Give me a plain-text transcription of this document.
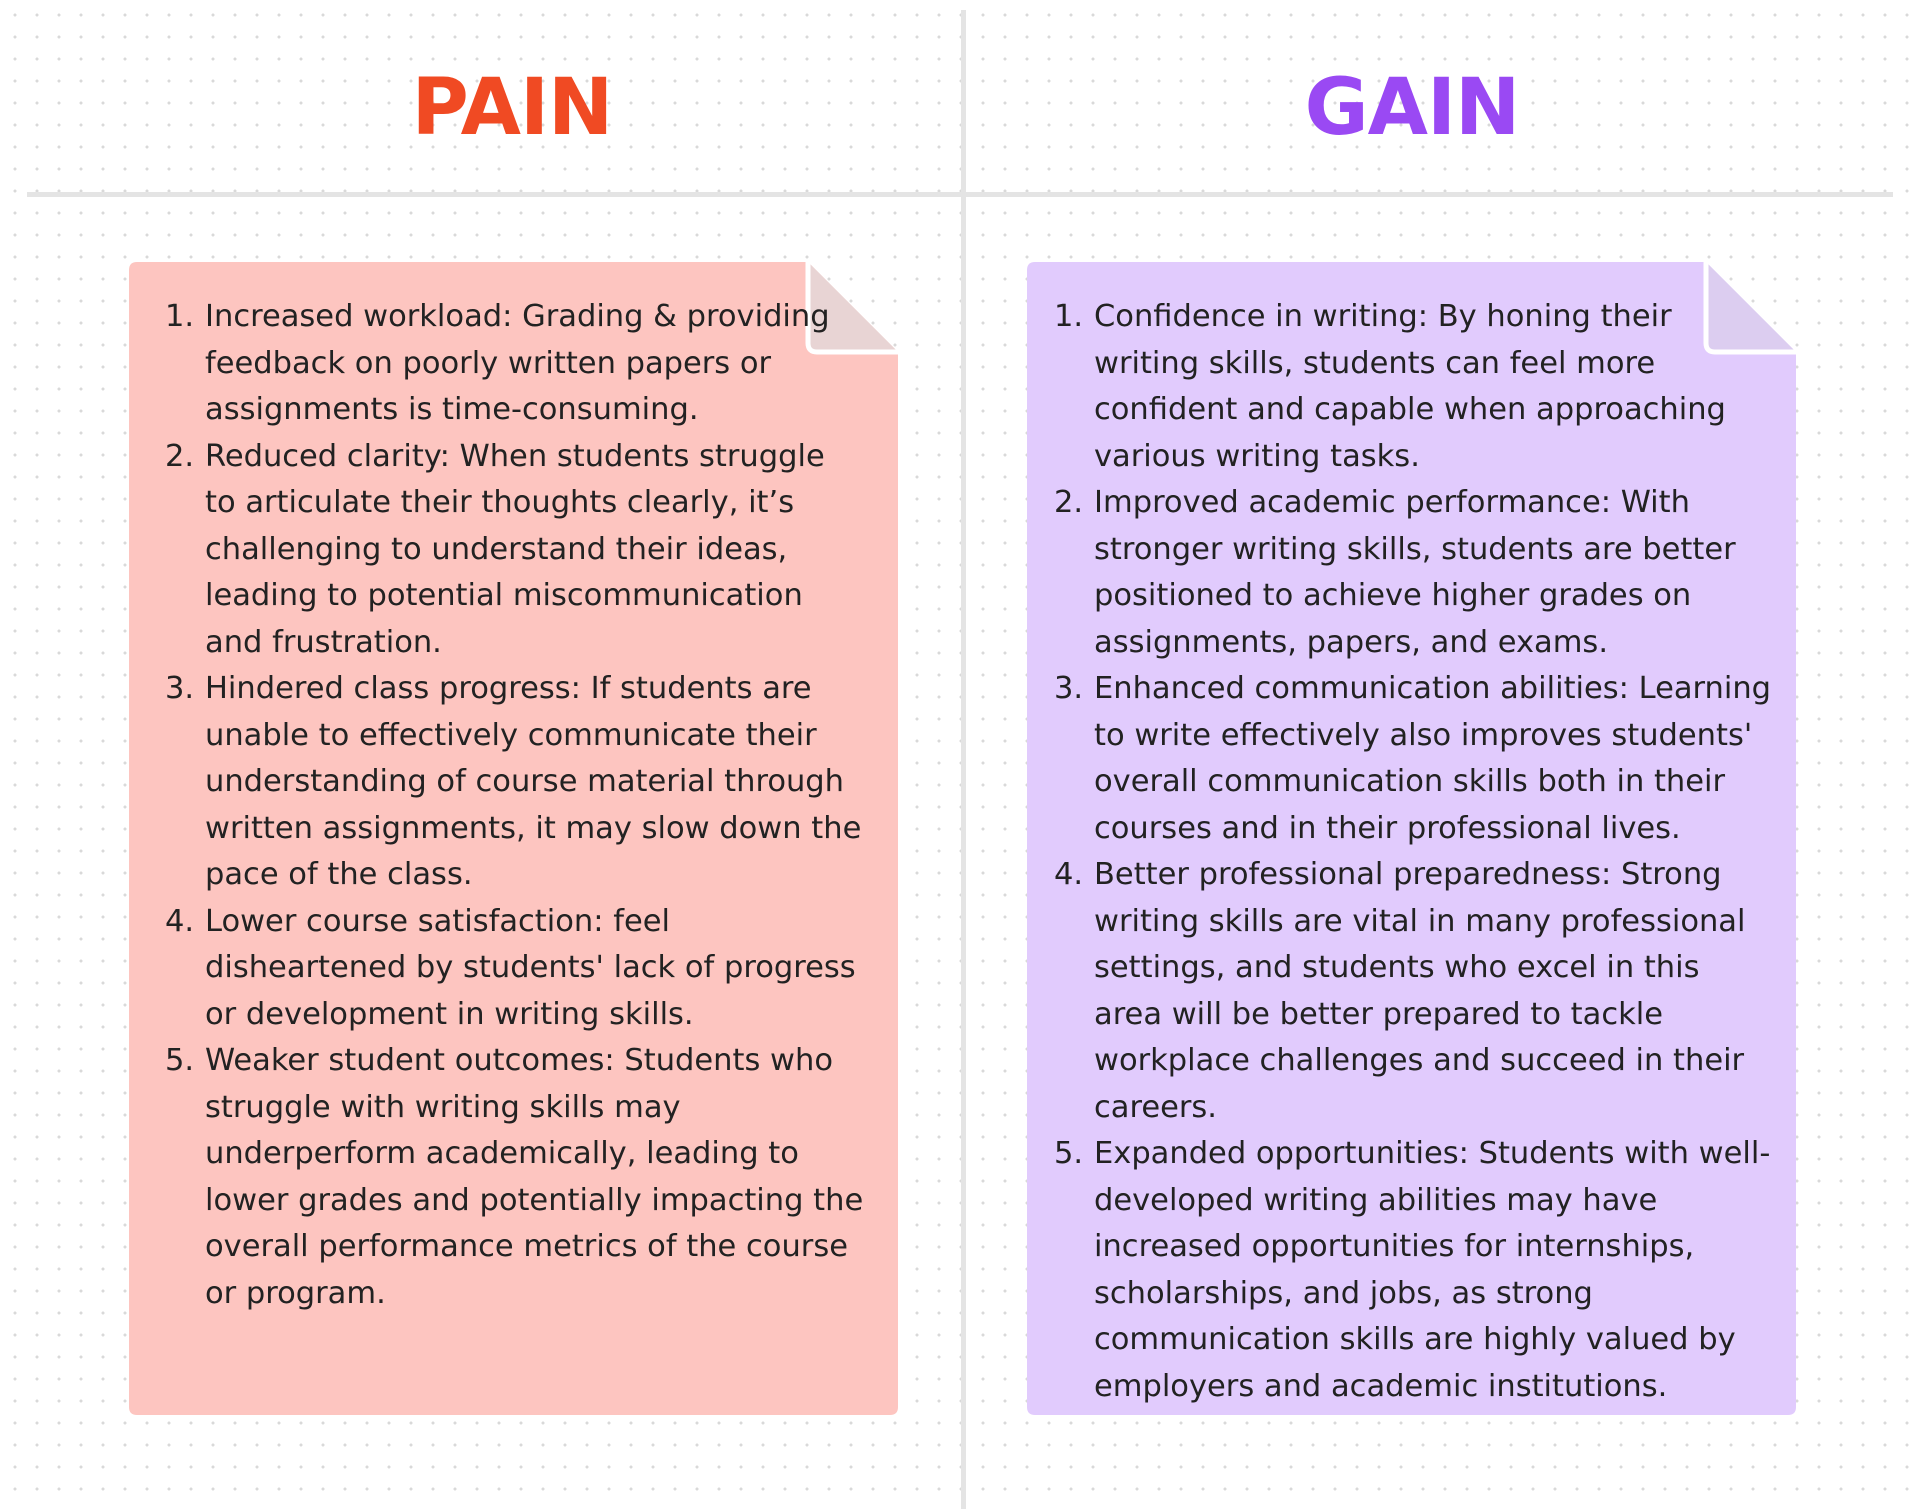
PAIN	GAIN
1. Increased workload: Grading & providing feedback on poorly written papers or assignments is time-consuming.
2. Reduced clarity: When students struggle to articulate their thoughts clearly, it’s challenging to understand their ideas, leading to potential miscommunication and frustration.
3. Hindered class progress: If students are unable to effectively communicate their understanding of course material through written assignments, it may slow down the pace of the class.
4. Lower course satisfaction: feel disheartened by students' lack of progress or development in writing skills.
5. Weaker student outcomes: Students who struggle with writing skills may underperform academically, leading to lower grades and potentially impacting the overall performance metrics of the course or program.
1. Confidence in writing: By honing their writing skills, students can feel more confident and capable when approaching various writing tasks.
2. Improved academic performance: With stronger writing skills, students are better positioned to achieve higher grades on assignments, papers, and exams.
3. Enhanced communication abilities: Learning to write effectively also improves students' overall communication skills both in their courses and in their professional lives.
4. Better professional preparedness: Strong writing skills are vital in many professional settings, and students who excel in this area will be better prepared to tackle workplace challenges and succeed in their careers.
5. Expanded opportunities: Students with well-developed writing abilities may have increased opportunities for internships, scholarships, and jobs, as strong communication skills are highly valued by employers and academic institutions.
